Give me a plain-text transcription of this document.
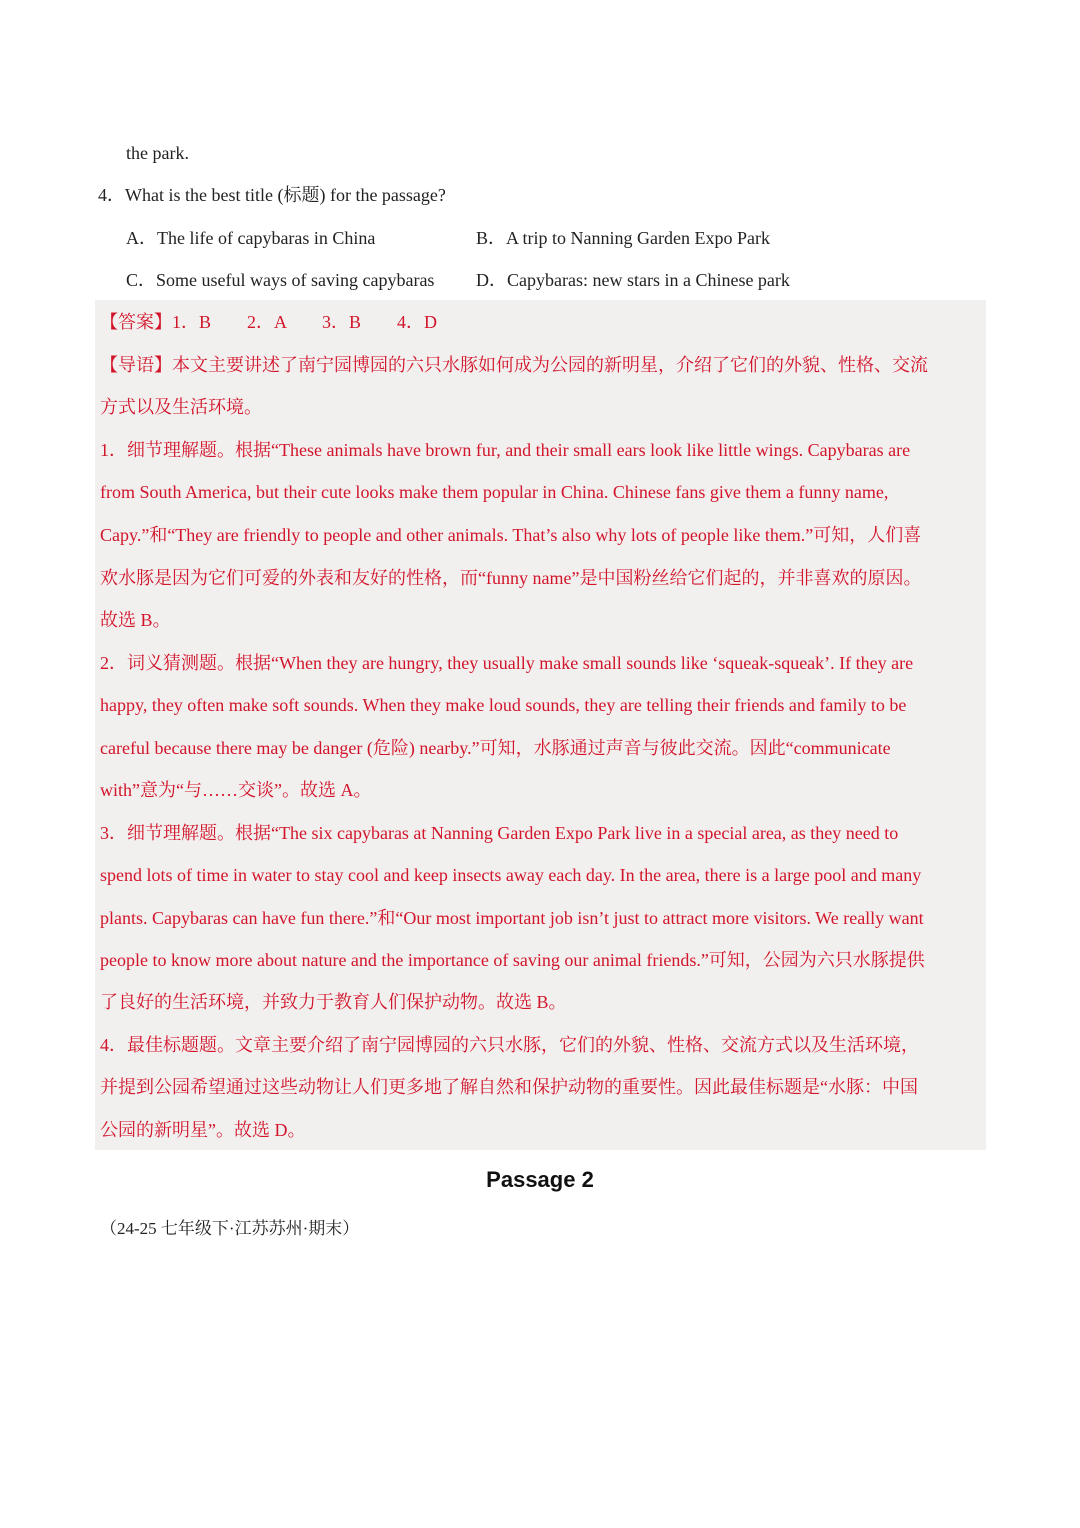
the park.
4．What is the best title (标题) for the passage?
A．The life of capybaras in China	B．A trip to Nanning Garden Expo Park
C．Some useful ways of saving capybaras D．Capybaras: new stars in a Chinese park
【答案】1．B　　2．A　　3．B　　4．D
【导语】本文主要讲述了南宁园博园的六只水豚如何成为公园的新明星，介绍了它们的外貌、性格、交流
方式以及生活环境。
1．细节理解题。根据“These animals have brown fur, and their small ears look like little wings. Capybaras are
from South America, but their cute looks make them popular in China. Chinese fans give them a funny name,
Capy.”和“They are friendly to people and other animals. That’s also why lots of people like them.”可知，人们喜
欢水豚是因为它们可爱的外表和友好的性格，而“funny name”是中国粉丝给它们起的，并非喜欢的原因。
故选 B。
2．词义猜测题。根据“When they are hungry, they usually make small sounds like ‘squeak-squeak’. If they are
happy, they often make soft sounds. When they make loud sounds, they are telling their friends and family to be
careful because there may be danger (危险) nearby.”可知，水豚通过声音与彼此交流。因此“communicate
with”意为“与……交谈”。故选 A。
3．细节理解题。根据“The six capybaras at Nanning Garden Expo Park live in a special area, as they need to
spend lots of time in water to stay cool and keep insects away each day. In the area, there is a large pool and many
plants. Capybaras can have fun there.”和“Our most important job isn’t just to attract more visitors. We really want
people to know more about nature and the importance of saving our animal friends.”可知，公园为六只水豚提供
了良好的生活环境，并致力于教育人们保护动物。故选 B。
4．最佳标题题。文章主要介绍了南宁园博园的六只水豚，它们的外貌、性格、交流方式以及生活环境，
并提到公园希望通过这些动物让人们更多地了解自然和保护动物的重要性。因此最佳标题是“水豚：中国
公园的新明星”。故选 D。
Passage 2
（24-25 七年级下·江苏苏州·期末）
